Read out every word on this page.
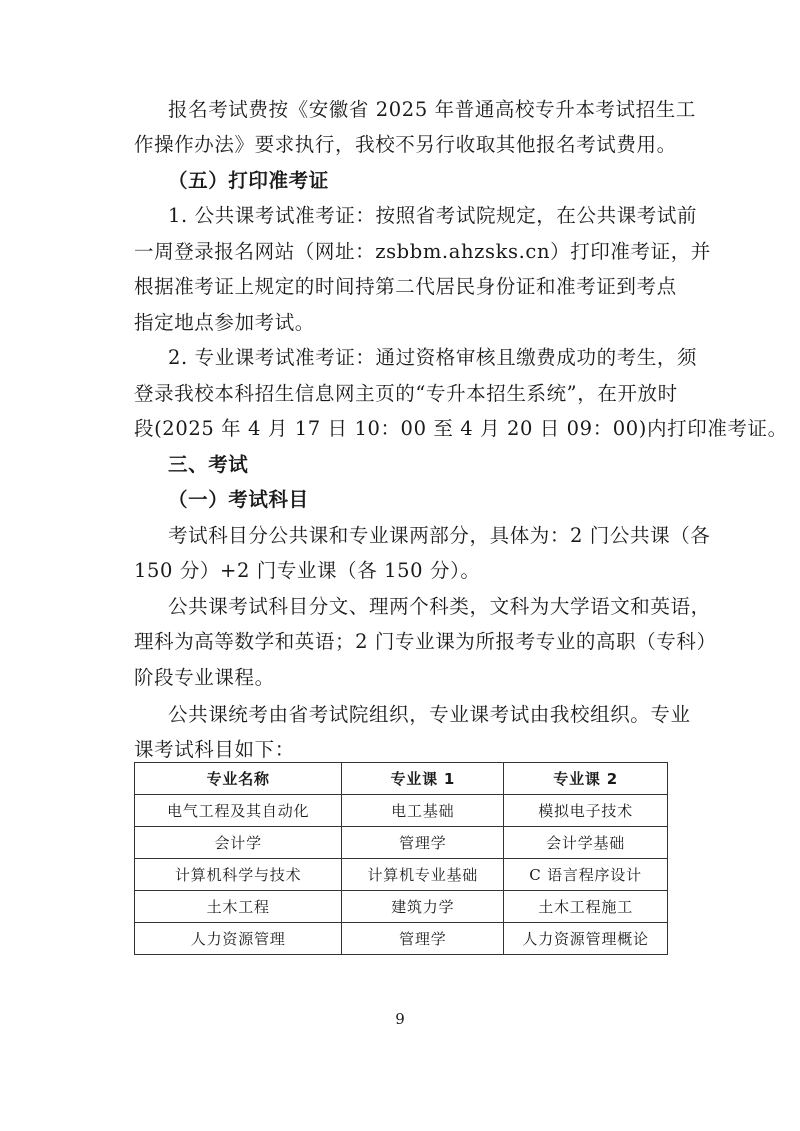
报名考试费按《安徽省 2025 年普通高校专升本考试招生工
作操作办法》要求执行，我校不另行收取其他报名考试费用。
（五）打印准考证
1. 公共课考试准考证：按照省考试院规定，在公共课考试前
一周登录报名网站（网址：zsbbm.ahzsks.cn）打印准考证，并
根据准考证上规定的时间持第二代居民身份证和准考证到考点
指定地点参加考试。
2. 专业课考试准考证：通过资格审核且缴费成功的考生，须
登录我校本科招生信息网主页的“专升本招生系统”，在开放时
段(2025 年 4 月 17 日 10：00 至 4 月 20 日 09：00)内打印准考证。
三、考试
（一）考试科目
考试科目分公共课和专业课两部分，具体为：2 门公共课（各
150 分）+2 门专业课（各 150 分）。
公共课考试科目分文、理两个科类，文科为大学语文和英语，
理科为高等数学和英语；2 门专业课为所报考专业的高职（专科）
阶段专业课程。
公共课统考由省考试院组织，专业课考试由我校组织。专业
专业名称	专业课 1	专业课 2
电气工程及其自动化	电工基础	模拟电子技术
会计学	管理学	会计学基础
计算机科学与技术	计算机专业基础	C 语言程序设计
土木工程	建筑力学	土木工程施工
人力资源管理	管理学	人力资源管理概论
9
课考试科目如下：
